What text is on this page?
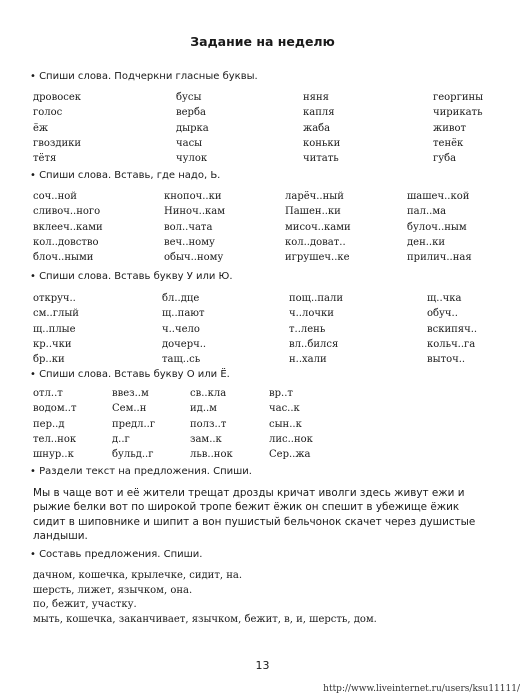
Задание на неделю
• Спиши слова. Подчеркни гласные буквы.
дровосек	бусы	няня	георгины
голос	верба	капля	чирикать
ёж	дырка	жаба	живот
гвоздики	часы	коньки	тенёк
тётя	чулок	читать	губа
• Спиши слова. Вставь, где надо, Ь.
соч..ной	кнопоч..ки	ларёч..ный	шашеч..кой
сливоч..ного	Нинoч..кам	Пашен..ки	пал..ма
вклееч..ками	вол..чата	мисоч..ками	булоч..ным
кол..довство	веч..ному	кол..доват..	ден..ки
блоч..ными	обыч..ному	игрушеч..ке	прилич..ная
• Спиши слова. Вставь букву У или Ю.
открyч..	бл..дце	пощ..пали	щ..чка
см..глый	щ..пают	ч..лочки	обуч..
щ..плые	ч..чело	т..лень	вскипяч..
кр..чки	дочерч..	вл..бился	кольч..га
бр..ки	тащ..сь	н..хали	выточ..
• Спиши слова. Вставь букву О или Ё.
отл..т	ввез..м	св..кла	вр..т
водом..т	Сем..н	ид..м	час..к
пер..д	предл..г	полз..т	сын..к
тел..нок	д..г	зам..к	лис..нок
шнур..к	бульд..г	льв..нок	Сер..жа
• Раздели текст на предложения. Спиши.
Мы в чаще вот и её жители трещат дрозды кричат иволги здесь живут ежи и
рыжие белки вот по широкой тропе бежит ёжик он спешит в убежище ёжик
сидит в шиповнике и шипит а вон пушистый бельчонок скачет через душистые
ландыши.
• Составь предложения. Спиши.
дачном, кошечка, крылечке, сидит, на.
шерсть, лижет, язычком, она.
по, бежит, участку.
мыть, кошечка, заканчивает, язычком, бежит, в, и, шерсть, дом.
13
http://www.liveinternet.ru/users/ksu11111/
